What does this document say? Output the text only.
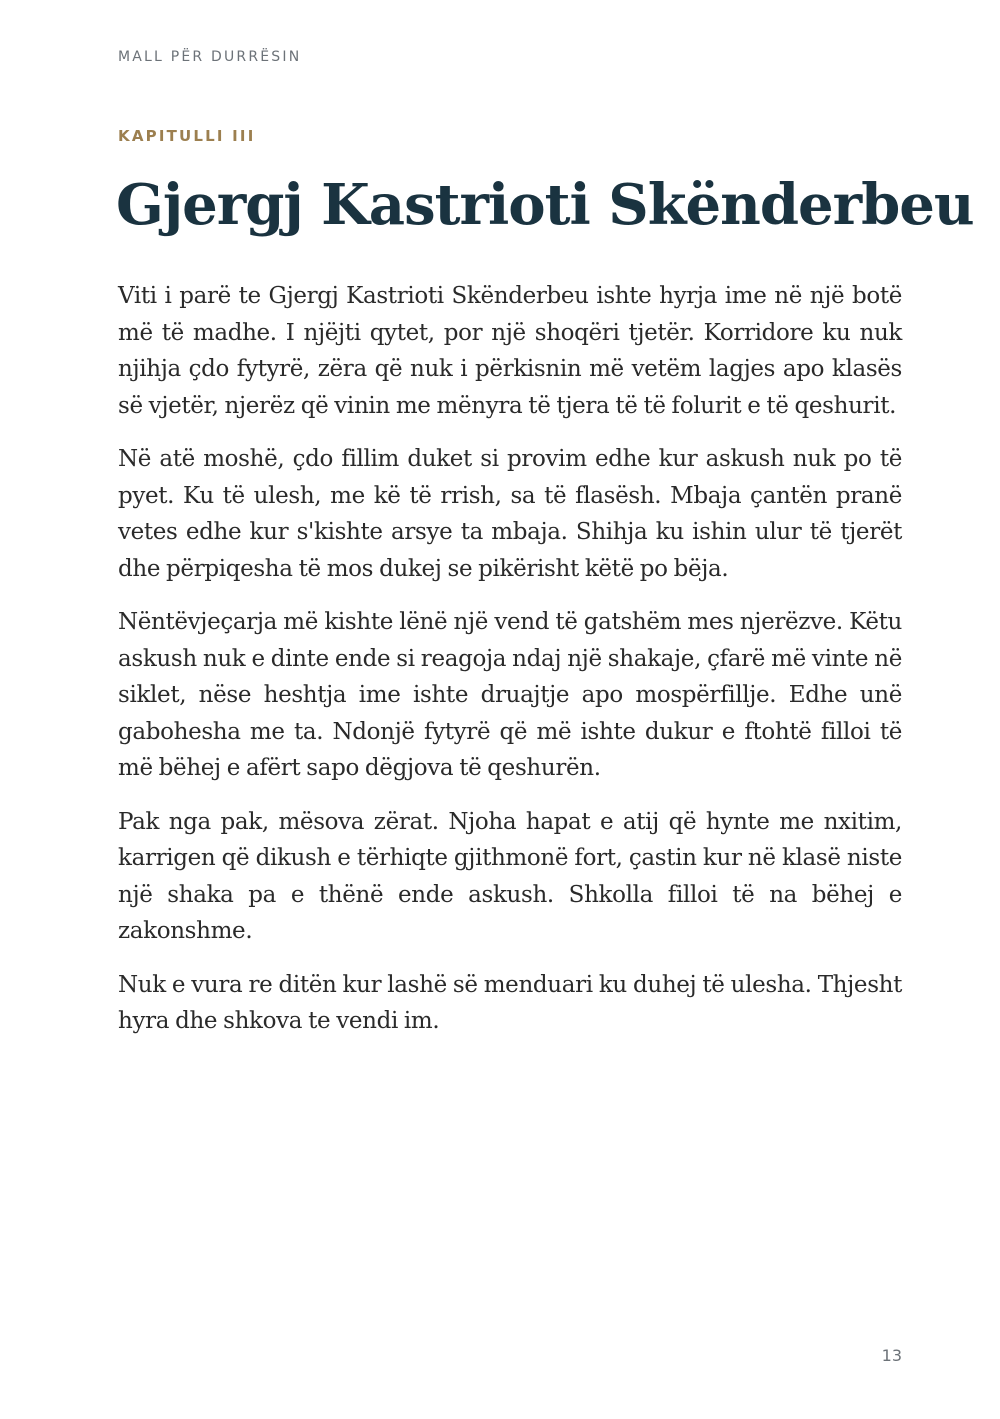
MALL PËR DURRËSIN
KAPITULLI III
Gjergj Kastrioti Skënderbeu

Viti i parë te Gjergj Kastrioti Skënderbeu ishte hyrja ime në një botë më të madhe. I njëjti qytet, por një shoqëri tjetër. Korridore ku nuk njihja çdo fytyrë, zëra që nuk i përkisnin më vetëm lagjes apo klasës së vjetër, njerëz që vinin me mënyra të tjera të të folurit e të qeshurit.

Në atë moshë, çdo fillim duket si provim edhe kur askush nuk po të pyet. Ku të ulesh, me kë të rrish, sa të flasësh. Mbaja çantën pranë vetes edhe kur s'kishte arsye ta mbaja. Shihja ku ishin ulur të tjerët dhe përpiqesha të mos dukej se pikërisht këtë po bëja.

Nëntëvjeçarja më kishte lënë një vend të gatshëm mes njerëzve. Këtu askush nuk e dinte ende si reagoja ndaj një shakaje, çfarë më vinte në siklet, nëse heshtja ime ishte druajtje apo mospërfillje. Edhe unë gabohesha me ta. Ndonjë fytyrë që më ishte dukur e ftohtë filloi të më bëhej e afërt sapo dëgjova të qeshurën.

Pak nga pak, mësova zërat. Njoha hapat e atij që hynte me nxitim, karrigen që dikush e tërhiqte gjithmonë fort, çastin kur në klasë niste një shaka pa e thënë ende askush. Shkolla filloi të na bëhej e zakonshme.

Nuk e vura re ditën kur lashë së menduari ku duhej të ulesha. Thjesht hyra dhe shkova te vendi im.

13
